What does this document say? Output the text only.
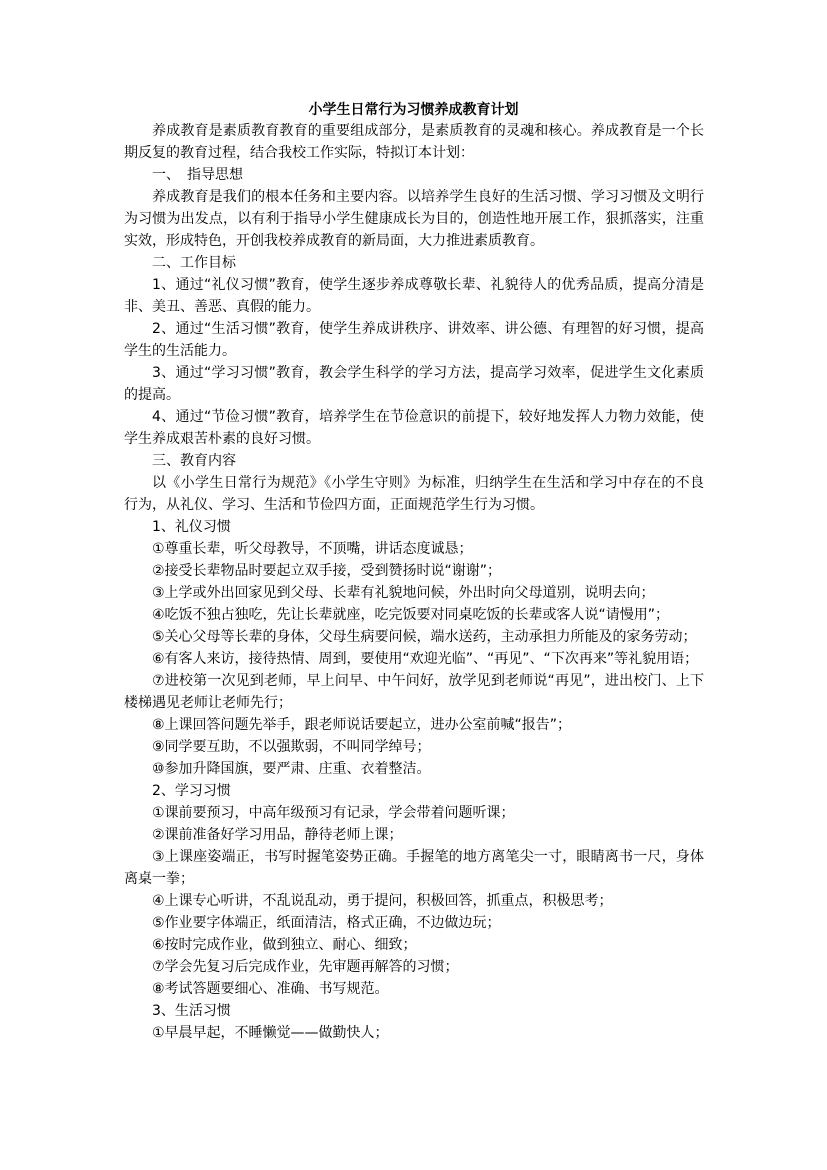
小学生日常行为习惯养成教育计划

养成教育是素质教育教育的重要组成部分，是素质教育的灵魂和核心。养成教育是一个长期反复的教育过程，结合我校工作实际，特拟订本计划：

一、　指导思想

养成教育是我们的根本任务和主要内容。以培养学生良好的生活习惯、学习习惯及文明行为习惯为出发点，以有利于指导小学生健康成长为目的，创造性地开展工作，狠抓落实，注重实效，形成特色，开创我校养成教育的新局面，大力推进素质教育。

二、工作目标

1、通过“礼仪习惯”教育，使学生逐步养成尊敬长辈、礼貌待人的优秀品质，提高分清是非、美丑、善恶、真假的能力。

2、通过“生活习惯”教育，使学生养成讲秩序、讲效率、讲公德、有理智的好习惯，提高学生的生活能力。

3、通过“学习习惯”教育，教会学生科学的学习方法，提高学习效率，促进学生文化素质的提高。

4、通过“节俭习惯”教育，培养学生在节俭意识的前提下，较好地发挥人力物力效能，使学生养成艰苦朴素的良好习惯。

三、教育内容

以《小学生日常行为规范》《小学生守则》为标准，归纳学生在生活和学习中存在的不良行为，从礼仪、学习、生活和节俭四方面，正面规范学生行为习惯。

1、礼仪习惯

①尊重长辈，听父母教导，不顶嘴，讲话态度诚恳；

②接受长辈物品时要起立双手接，受到赞扬时说“谢谢”；

③上学或外出回家见到父母、长辈有礼貌地问候，外出时向父母道别，说明去向；

④吃饭不独占独吃，先让长辈就座，吃完饭要对同桌吃饭的长辈或客人说“请慢用”；

⑤关心父母等长辈的身体，父母生病要问候，端水送药，主动承担力所能及的家务劳动；

⑥有客人来访，接待热情、周到，要使用“欢迎光临”、“再见”、“下次再来”等礼貌用语；

⑦进校第一次见到老师，早上问早、中午问好，放学见到老师说“再见”，进出校门、上下楼梯遇见老师让老师先行；

⑧上课回答问题先举手，跟老师说话要起立，进办公室前喊“报告”；

⑨同学要互助，不以强欺弱，不叫同学绰号；

⑩参加升降国旗，要严肃、庄重、衣着整洁。

2、学习习惯

①课前要预习，中高年级预习有记录，学会带着问题听课；

②课前准备好学习用品，静待老师上课；

③上课座姿端正，书写时握笔姿势正确。手握笔的地方离笔尖一寸，眼睛离书一尺，身体离桌一拳；

④上课专心听讲，不乱说乱动，勇于提问，积极回答，抓重点，积极思考；

⑤作业要字体端正，纸面清洁，格式正确，不边做边玩；

⑥按时完成作业，做到独立、耐心、细致；

⑦学会先复习后完成作业，先审题再解答的习惯；

⑧考试答题要细心、准确、书写规范。

3、生活习惯

①早晨早起，不睡懒觉——做勤快人；
